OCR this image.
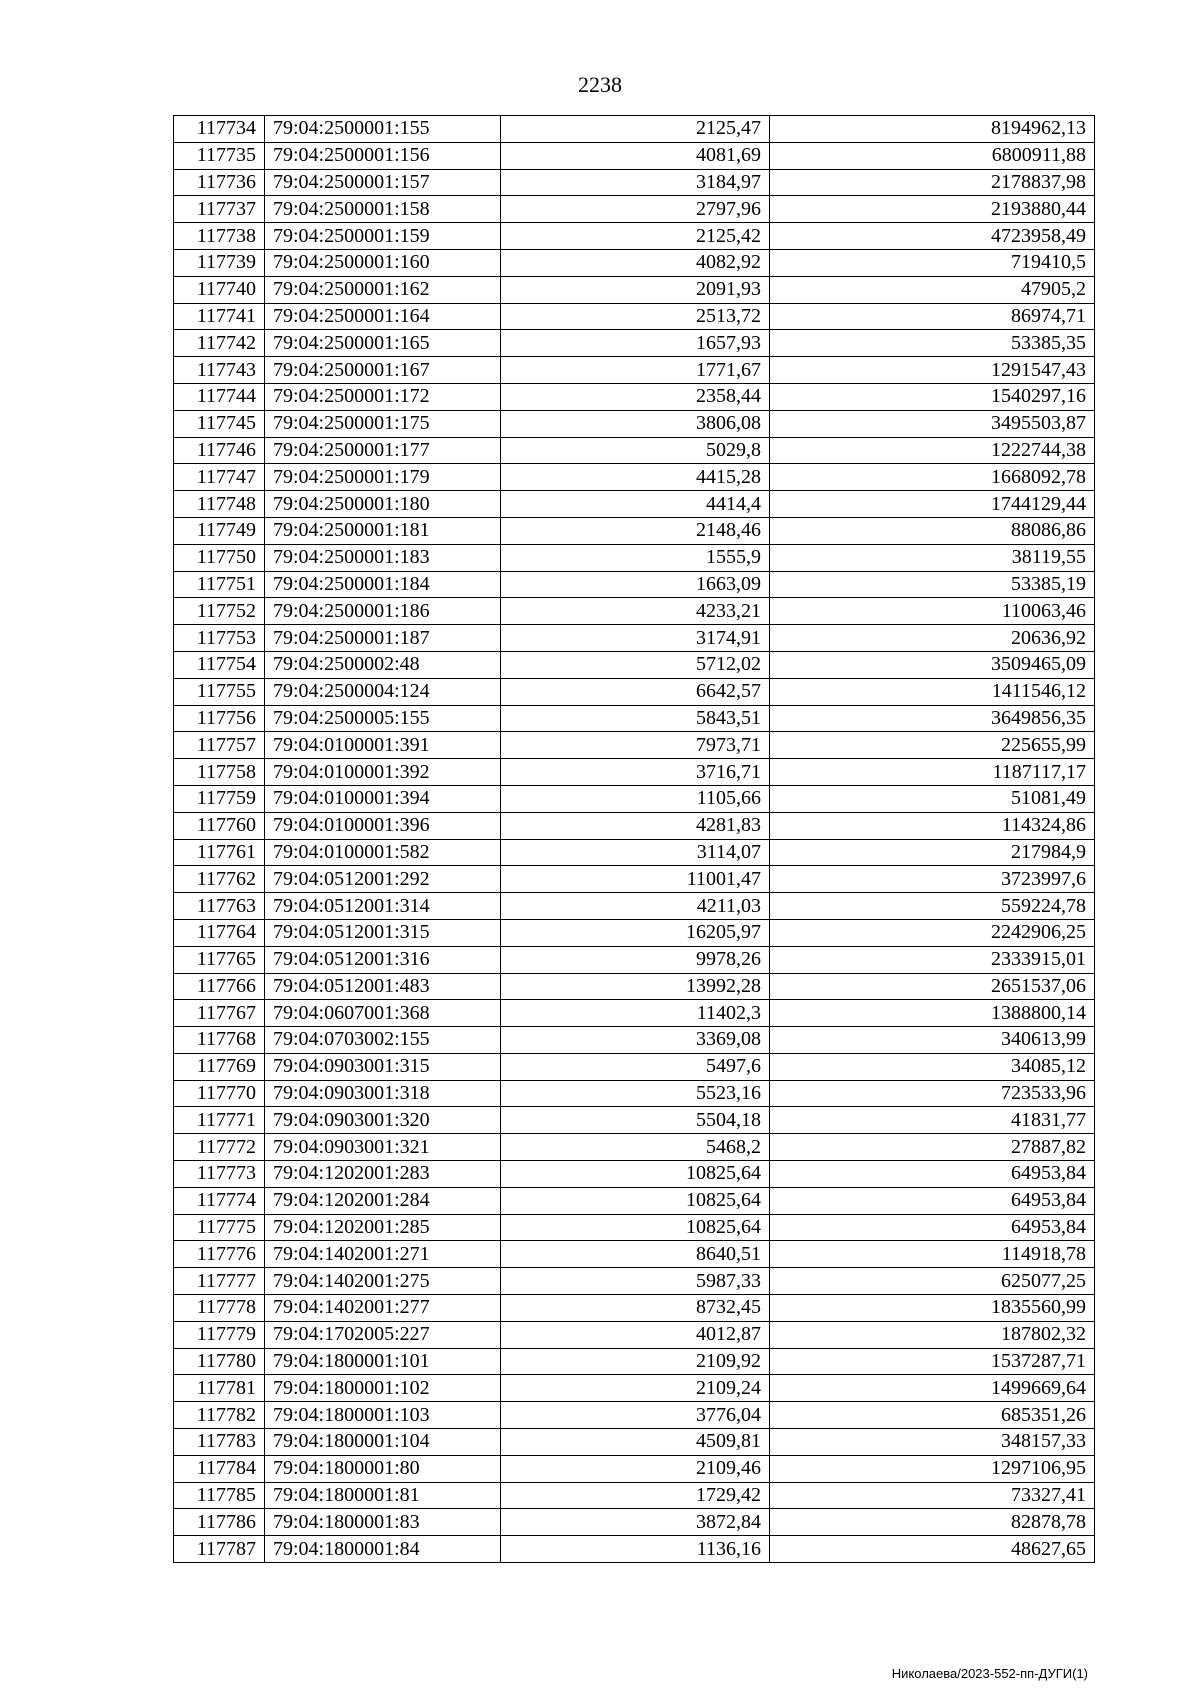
2238
117734	79:04:2500001:155	2125,47	8194962,13
117735	79:04:2500001:156	4081,69	6800911,88
117736	79:04:2500001:157	3184,97	2178837,98
117737	79:04:2500001:158	2797,96	2193880,44
117738	79:04:2500001:159	2125,42	4723958,49
117739	79:04:2500001:160	4082,92	719410,5
117740	79:04:2500001:162	2091,93	47905,2
117741	79:04:2500001:164	2513,72	86974,71
117742	79:04:2500001:165	1657,93	53385,35
117743	79:04:2500001:167	1771,67	1291547,43
117744	79:04:2500001:172	2358,44	1540297,16
117745	79:04:2500001:175	3806,08	3495503,87
117746	79:04:2500001:177	5029,8	1222744,38
117747	79:04:2500001:179	4415,28	1668092,78
117748	79:04:2500001:180	4414,4	1744129,44
117749	79:04:2500001:181	2148,46	88086,86
117750	79:04:2500001:183	1555,9	38119,55
117751	79:04:2500001:184	1663,09	53385,19
117752	79:04:2500001:186	4233,21	110063,46
117753	79:04:2500001:187	3174,91	20636,92
117754	79:04:2500002:48	5712,02	3509465,09
117755	79:04:2500004:124	6642,57	1411546,12
117756	79:04:2500005:155	5843,51	3649856,35
117757	79:04:0100001:391	7973,71	225655,99
117758	79:04:0100001:392	3716,71	1187117,17
117759	79:04:0100001:394	1105,66	51081,49
117760	79:04:0100001:396	4281,83	114324,86
117761	79:04:0100001:582	3114,07	217984,9
117762	79:04:0512001:292	11001,47	3723997,6
117763	79:04:0512001:314	4211,03	559224,78
117764	79:04:0512001:315	16205,97	2242906,25
117765	79:04:0512001:316	9978,26	2333915,01
117766	79:04:0512001:483	13992,28	2651537,06
117767	79:04:0607001:368	11402,3	1388800,14
117768	79:04:0703002:155	3369,08	340613,99
117769	79:04:0903001:315	5497,6	34085,12
117770	79:04:0903001:318	5523,16	723533,96
117771	79:04:0903001:320	5504,18	41831,77
117772	79:04:0903001:321	5468,2	27887,82
117773	79:04:1202001:283	10825,64	64953,84
117774	79:04:1202001:284	10825,64	64953,84
117775	79:04:1202001:285	10825,64	64953,84
117776	79:04:1402001:271	8640,51	114918,78
117777	79:04:1402001:275	5987,33	625077,25
117778	79:04:1402001:277	8732,45	1835560,99
117779	79:04:1702005:227	4012,87	187802,32
117780	79:04:1800001:101	2109,92	1537287,71
117781	79:04:1800001:102	2109,24	1499669,64
117782	79:04:1800001:103	3776,04	685351,26
117783	79:04:1800001:104	4509,81	348157,33
117784	79:04:1800001:80	2109,46	1297106,95
117785	79:04:1800001:81	1729,42	73327,41
117786	79:04:1800001:83	3872,84	82878,78
117787	79:04:1800001:84	1136,16	48627,65
Николаева/2023-552-пп-ДУГИ(1)
